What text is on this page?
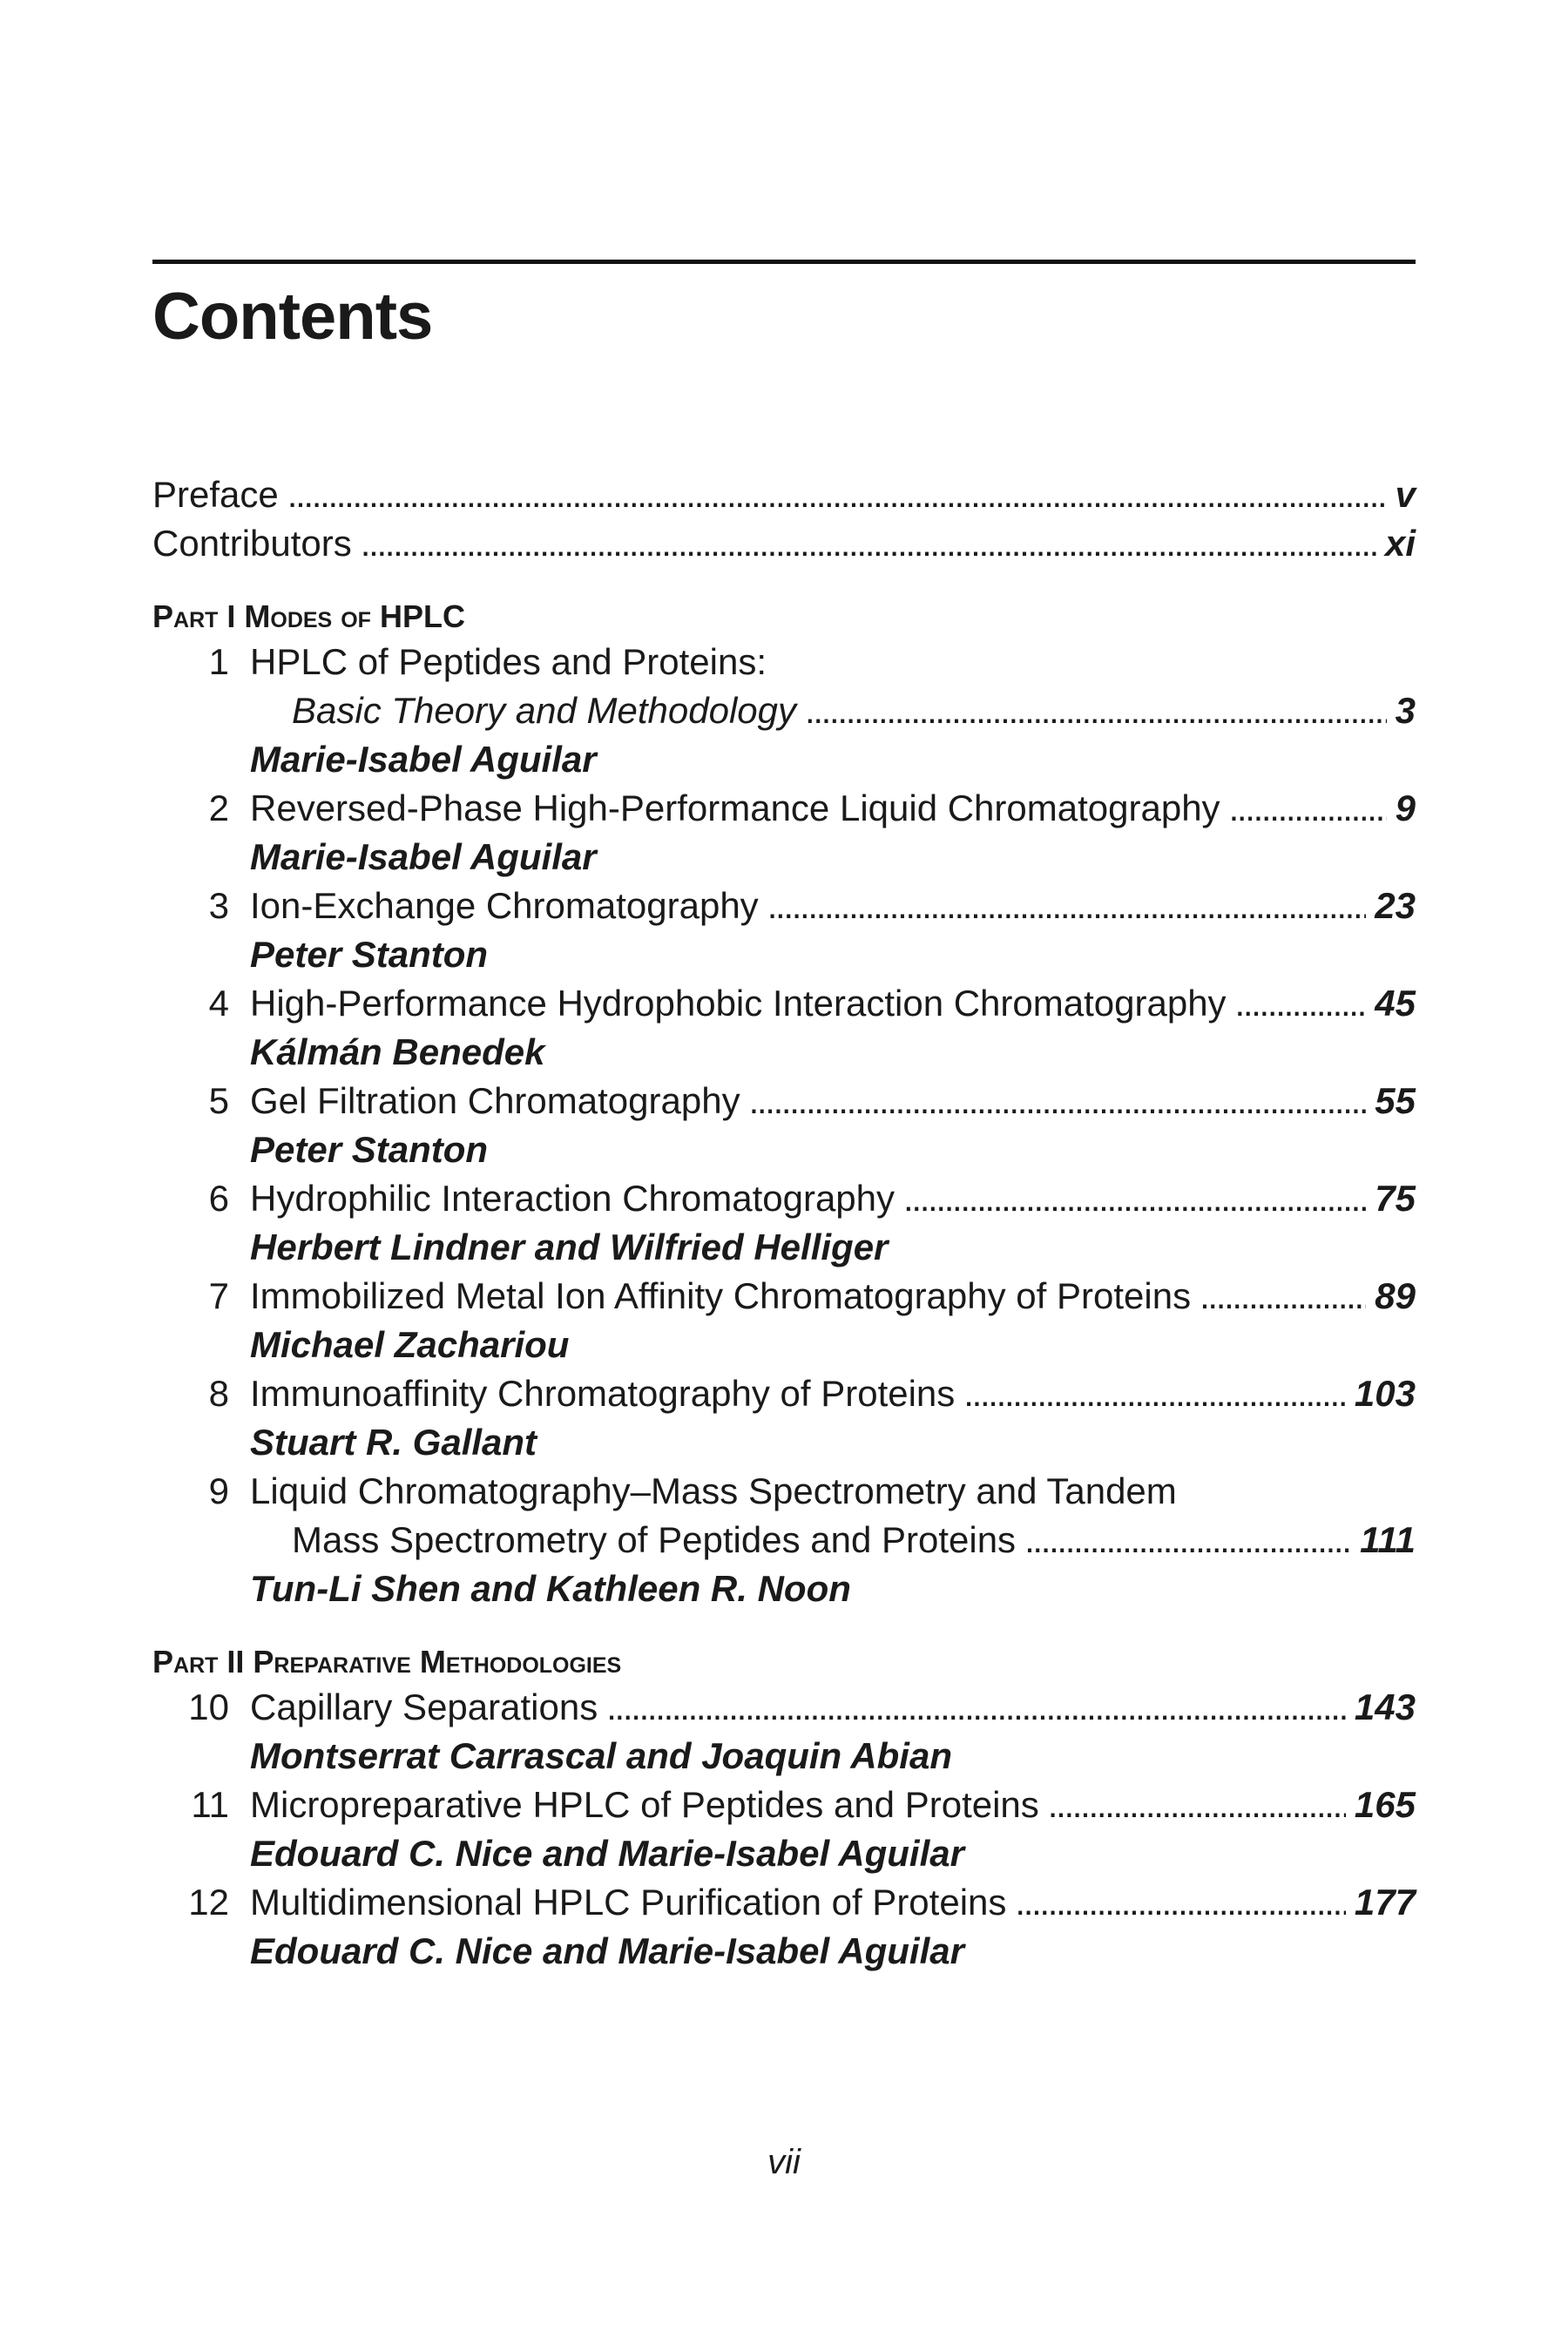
Contents
Preface . . .	v
Contributors . . .	xi
Part I Modes of HPLC
1 HPLC of Peptides and Proteins:
Basic Theory and Methodology . . .	3
Marie-Isabel Aguilar
2 Reversed-Phase High-Performance Liquid Chromatography . . .	9
Marie-Isabel Aguilar
3 Ion-Exchange Chromatography . . .	23
Peter Stanton
4 High-Performance Hydrophobic Interaction Chromatography . . .	45
Kálmán Benedek
5 Gel Filtration Chromatography . . .	55
Peter Stanton
6 Hydrophilic Interaction Chromatography . . .	75
Herbert Lindner and Wilfried Helliger
7 Immobilized Metal Ion Affinity Chromatography of Proteins . . .	89
Michael Zachariou
8 Immunoaffinity Chromatography of Proteins . . .	103
Stuart R. Gallant
9 Liquid Chromatography–Mass Spectrometry and Tandem
Mass Spectrometry of Peptides and Proteins . . .	111
Tun-Li Shen and Kathleen R. Noon
Part II Preparative Methodologies
10 Capillary Separations . . .	143
Montserrat Carrascal and Joaquin Abian
11 Micropreparative HPLC of Peptides and Proteins . . .	165
Edouard C. Nice and Marie-Isabel Aguilar
12 Multidimensional HPLC Purification of Proteins . . .	177
Edouard C. Nice and Marie-Isabel Aguilar
vii
